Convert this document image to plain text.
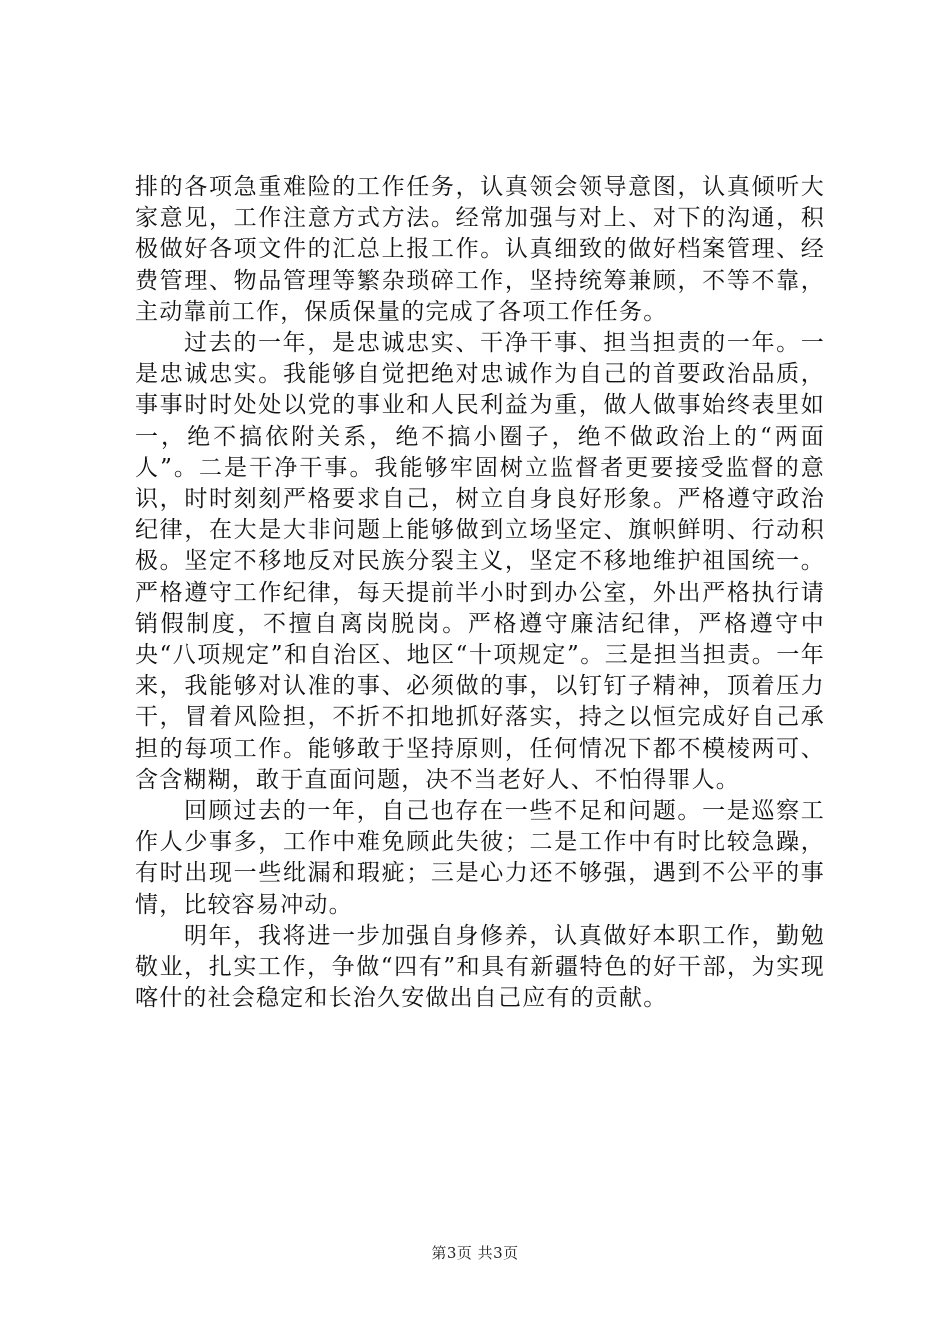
排的各项急重难险的工作任务，认真领会领导意图，认真倾听大家意见，工作注意方式方法。经常加强与对上、对下的沟通，积极做好各项文件的汇总上报工作。认真细致的做好档案管理、经费管理、物品管理等繁杂琐碎工作，坚持统筹兼顾，不等不靠，主动靠前工作，保质保量的完成了各项工作任务。

过去的一年，是忠诚忠实、干净干事、担当担责的一年。一是忠诚忠实。我能够自觉把绝对忠诚作为自己的首要政治品质，事事时时处处以党的事业和人民利益为重，做人做事始终表里如一，绝不搞依附关系，绝不搞小圈子，绝不做政治上的“两面人”。二是干净干事。我能够牢固树立监督者更要接受监督的意识，时时刻刻严格要求自己，树立自身良好形象。严格遵守政治纪律，在大是大非问题上能够做到立场坚定、旗帜鲜明、行动积极。坚定不移地反对民族分裂主义，坚定不移地维护祖国统一。严格遵守工作纪律，每天提前半小时到办公室，外出严格执行请销假制度，不擅自离岗脱岗。严格遵守廉洁纪律，严格遵守中央“八项规定”和自治区、地区“十项规定”。三是担当担责。一年来，我能够对认准的事、必须做的事，以钉钉子精神，顶着压力干，冒着风险担，不折不扣地抓好落实，持之以恒完成好自己承担的每项工作。能够敢于坚持原则，任何情况下都不模棱两可、含含糊糊，敢于直面问题，决不当老好人、不怕得罪人。

回顾过去的一年，自己也存在一些不足和问题。一是巡察工作人少事多，工作中难免顾此失彼；二是工作中有时比较急躁，有时出现一些纰漏和瑕疵；三是心力还不够强，遇到不公平的事情，比较容易冲动。

明年，我将进一步加强自身修养，认真做好本职工作，勤勉敬业，扎实工作，争做“四有”和具有新疆特色的好干部，为实现喀什的社会稳定和长治久安做出自己应有的贡献。

第3页 共3页
